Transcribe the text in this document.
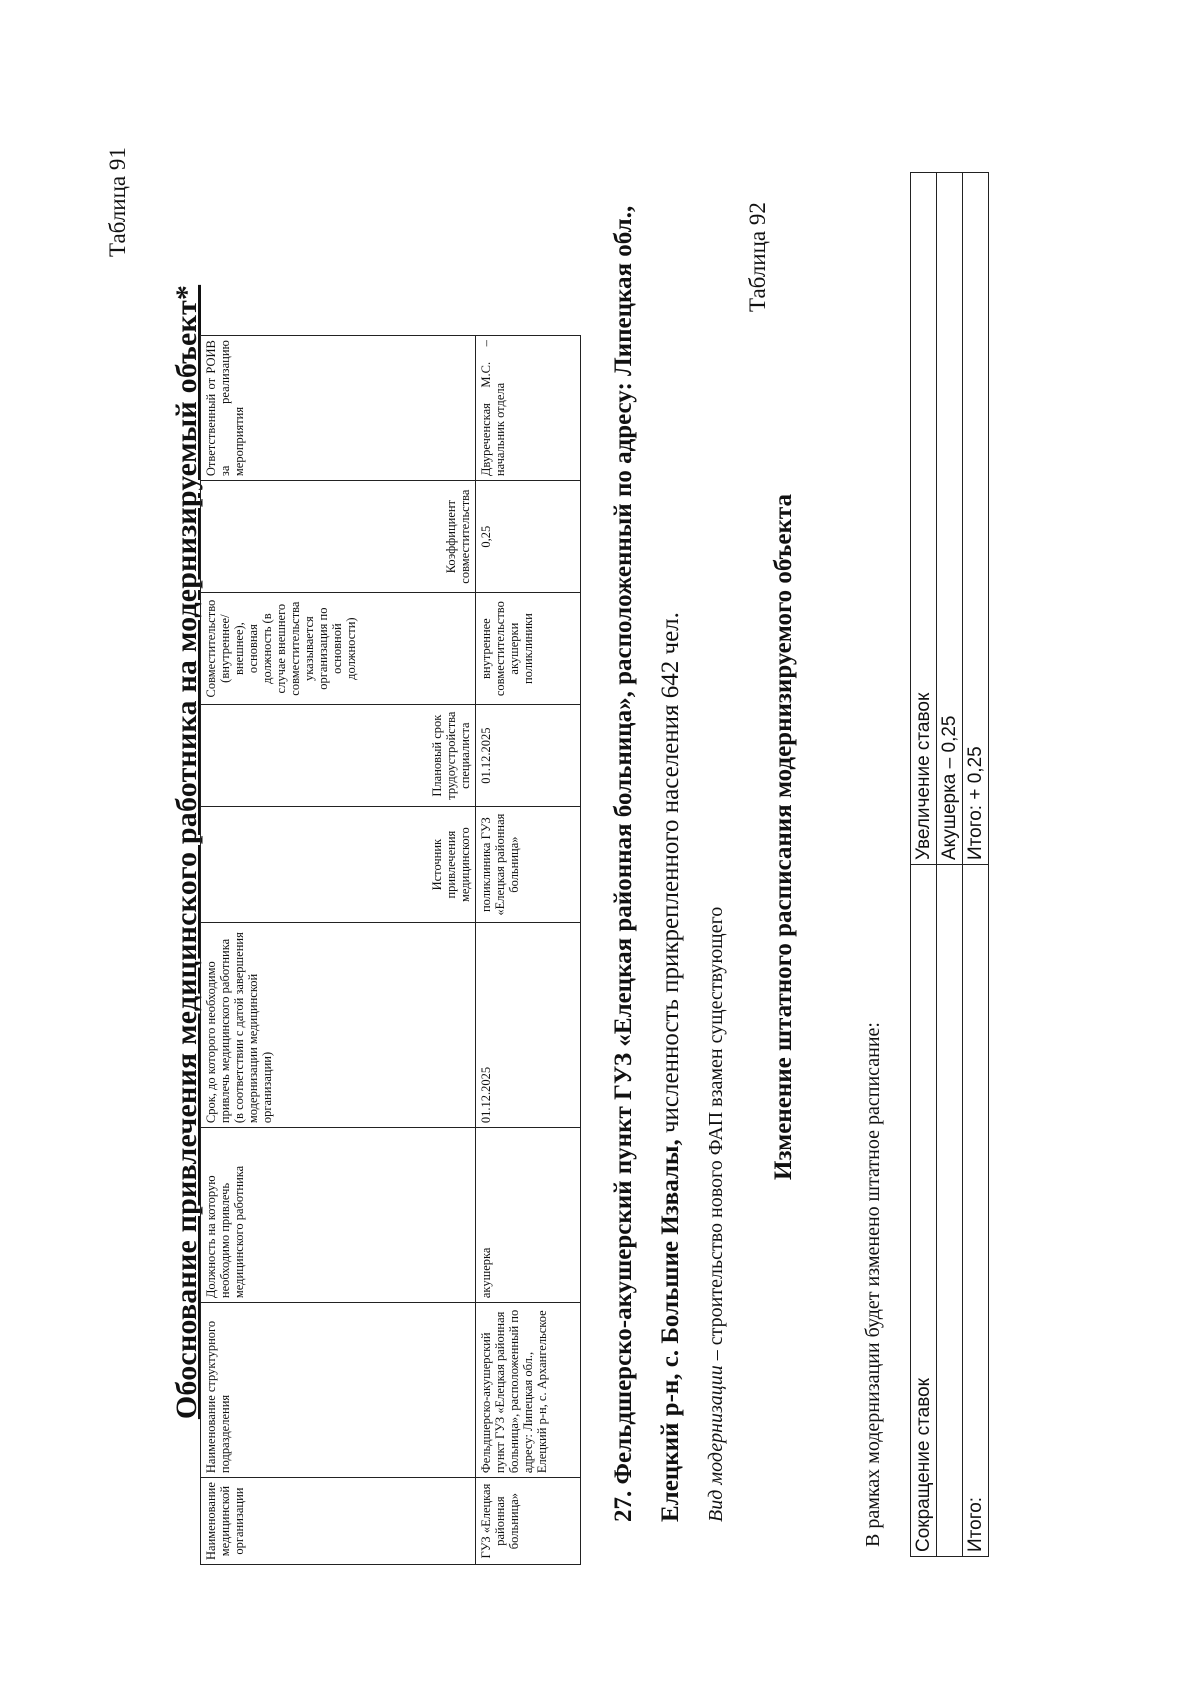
Таблица 91
Обоснование привлечения медицинского работника на модернизируемый объект*
Наименование медицинской организации	Наименование структурного подразделения	Должность на которую необходимо привлечь медицинского работника	Срок, до которого необходимо привлечь медицинского работника (в соответствии с датой завершения модернизации медицинской организации)	Источник привлечения медицинского	Плановый срок трудоустройства специалиста	Совместительство (внутреннее/внешнее), основная должность (в случае внешнего совместительства указывается организация по основной должности)	Коэффициент совместительства	Ответственный от РОИВ за реализацию мероприятия
ГУЗ «Елецкая районная больница»	Фельдшерско-акушерский пункт ГУЗ «Елецкая районная больница», расположенный по адресу: Липецкая обл., Елецкий р-н, с. Архангельское	акушерка	01.12.2025	поликлиника ГУЗ «Елецкая районная больница»	01.12.2025	внутреннее совместительство акушерки поликлиники	0,25	Двуреченская М.С. – начальник отдела	27. Фельдшерско-акушерский пункт ГУЗ «Елецкая районная больница», расположенный по адресу: Липецкая обл., Елецкий р-н, с. Большие Извалы, численность прикрепленного населения 642 чел.
Вид модернизации – строительство нового ФАП взамен существующего
Таблица 92
Изменение штатного расписания модернизируемого объекта
В рамках модернизации будет изменено штатное расписание: Сокращение ставок	Увеличение ставок
	Акушерка – 0,25
Итого:	Итого: + 0,25
